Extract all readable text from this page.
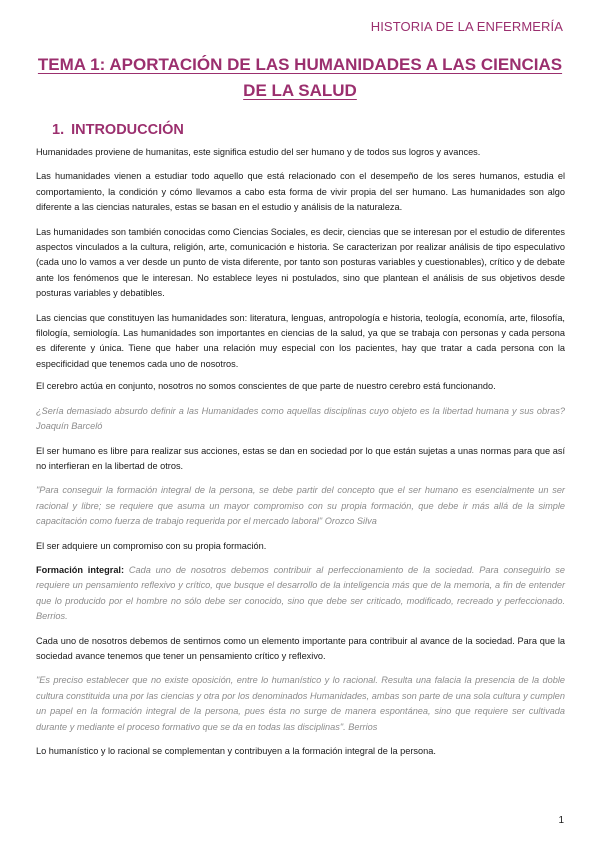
HISTORIA DE LA ENFERMERÍA
TEMA 1: APORTACIÓN DE LAS HUMANIDADES A LAS CIENCIAS
DE LA SALUD
1. INTRODUCCIÓN

Humanidades proviene de humanitas, este significa estudio del ser humano y de todos sus logros y avances.

Las humanidades vienen a estudiar todo aquello que está relacionado con el desempeño de los seres humanos, estudia el comportamiento, la condición y cómo llevamos a cabo esta forma de vivir propia del ser humano. Las humanidades son algo diferente a las ciencias naturales, estas se basan en el estudio y análisis de la naturaleza.

Las humanidades son también conocidas como Ciencias Sociales, es decir, ciencias que se interesan por el estudio de diferentes aspectos vinculados a la cultura, religión, arte, comunicación e historia. Se caracterizan por realizar análisis de tipo especulativo (cada uno lo vamos a ver desde un punto de vista diferente, por tanto son posturas variables y cuestionables), crítico y de debate ante los fenómenos que le interesan. No establece leyes ni postulados, sino que plantean el análisis de sus objetivos desde posturas variables y debatibles.

Las ciencias que constituyen las humanidades son: literatura, lenguas, antropología e historia, teología, economía, arte, filosofía, filología, semiología. Las humanidades son importantes en ciencias de la salud, ya que se trabaja con personas y cada persona es diferente y única. Tiene que haber una relación muy especial con los pacientes, hay que tratar a cada persona con la especificidad que tenemos cada uno de nosotros.

El cerebro actúa en conjunto, nosotros no somos conscientes de que parte de nuestro cerebro está funcionando.

¿Sería demasiado absurdo definir a las Humanidades como aquellas disciplinas cuyo objeto es la libertad humana y sus obras? Joaquín Barceló

El ser humano es libre para realizar sus acciones, estas se dan en sociedad por lo que están sujetas a unas normas para que así no interfieran en la libertad de otros.

"Para conseguir la formación integral de la persona, se debe partir del concepto que el ser humano es esencialmente un ser racional y libre; se requiere que asuma un mayor compromiso con su propia formación, que debe ir más allá de la simple capacitación como fuerza de trabajo requerida por el mercado laboral" Orozco Silva

El ser adquiere un compromiso con su propia formación.

Formación integral: Cada uno de nosotros debemos contribuir al perfeccionamiento de la sociedad. Para conseguirlo se requiere un pensamiento reflexivo y crítico, que busque el desarrollo de la inteligencia más que de la memoria, a fin de entender que lo producido por el hombre no sólo debe ser conocido, sino que debe ser criticado, modificado, recreado y perfeccionado. Berrios.

Cada uno de nosotros debemos de sentirnos como un elemento importante para contribuir al avance de la sociedad. Para que la sociedad avance tenemos que tener un pensamiento crítico y reflexivo.

"Es preciso establecer que no existe oposición, entre lo humanístico y lo racional. Resulta una falacia la presencia de la doble cultura constituida una por las ciencias y otra por los denominados Humanidades, ambas son parte de una sola cultura y cumplen un papel en la formación integral de la persona, pues ésta no surge de manera espontánea, sino que requiere ser cultivada durante y mediante el proceso formativo que se da en todas las disciplinas". Berrios

Lo humanístico y lo racional se complementan y contribuyen a la formación integral de la persona.

1
